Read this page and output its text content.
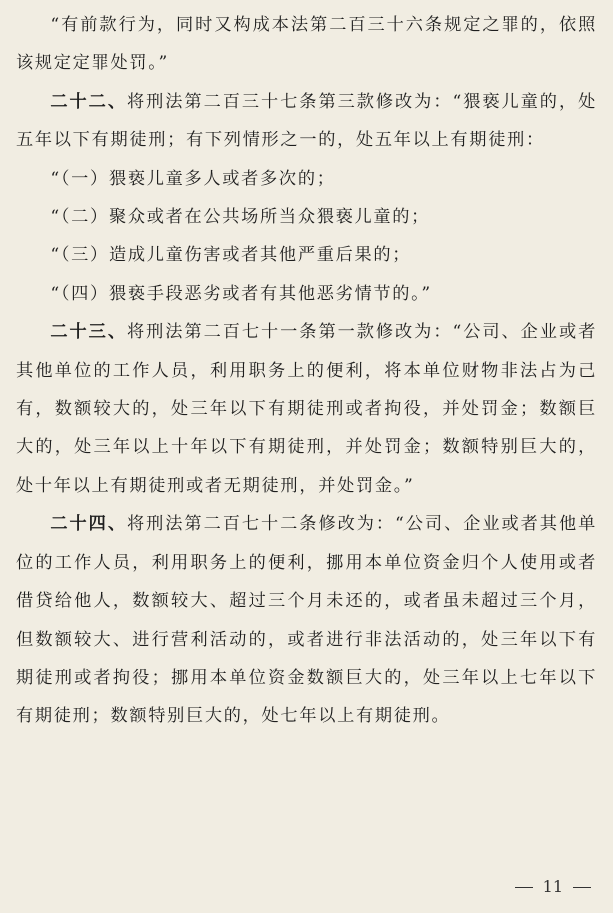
“有前款行为，同时又构成本法第二百三十六条规定之罪的，依照该规定定罪处罚。”

二十二、将刑法第二百三十七条第三款修改为：“猥亵儿童的，处五年以下有期徒刑；有下列情形之一的，处五年以上有期徒刑：

“（一）猥亵儿童多人或者多次的；

“（二）聚众或者在公共场所当众猥亵儿童的；

“（三）造成儿童伤害或者其他严重后果的；

“（四）猥亵手段恶劣或者有其他恶劣情节的。”

二十三、将刑法第二百七十一条第一款修改为：“公司、企业或者其他单位的工作人员，利用职务上的便利，将本单位财物非法占为己有，数额较大的，处三年以下有期徒刑或者拘役，并处罚金；数额巨大的，处三年以上十年以下有期徒刑，并处罚金；数额特别巨大的，处十年以上有期徒刑或者无期徒刑，并处罚金。”

二十四、将刑法第二百七十二条修改为：“公司、企业或者其他单位的工作人员，利用职务上的便利，挪用本单位资金归个人使用或者借贷给他人，数额较大、超过三个月未还的，或者虽未超过三个月，但数额较大、进行营利活动的，或者进行非法活动的，处三年以下有期徒刑或者拘役；挪用本单位资金数额巨大的，处三年以上七年以下有期徒刑；数额特别巨大的，处七年以上有期徒刑。

11
